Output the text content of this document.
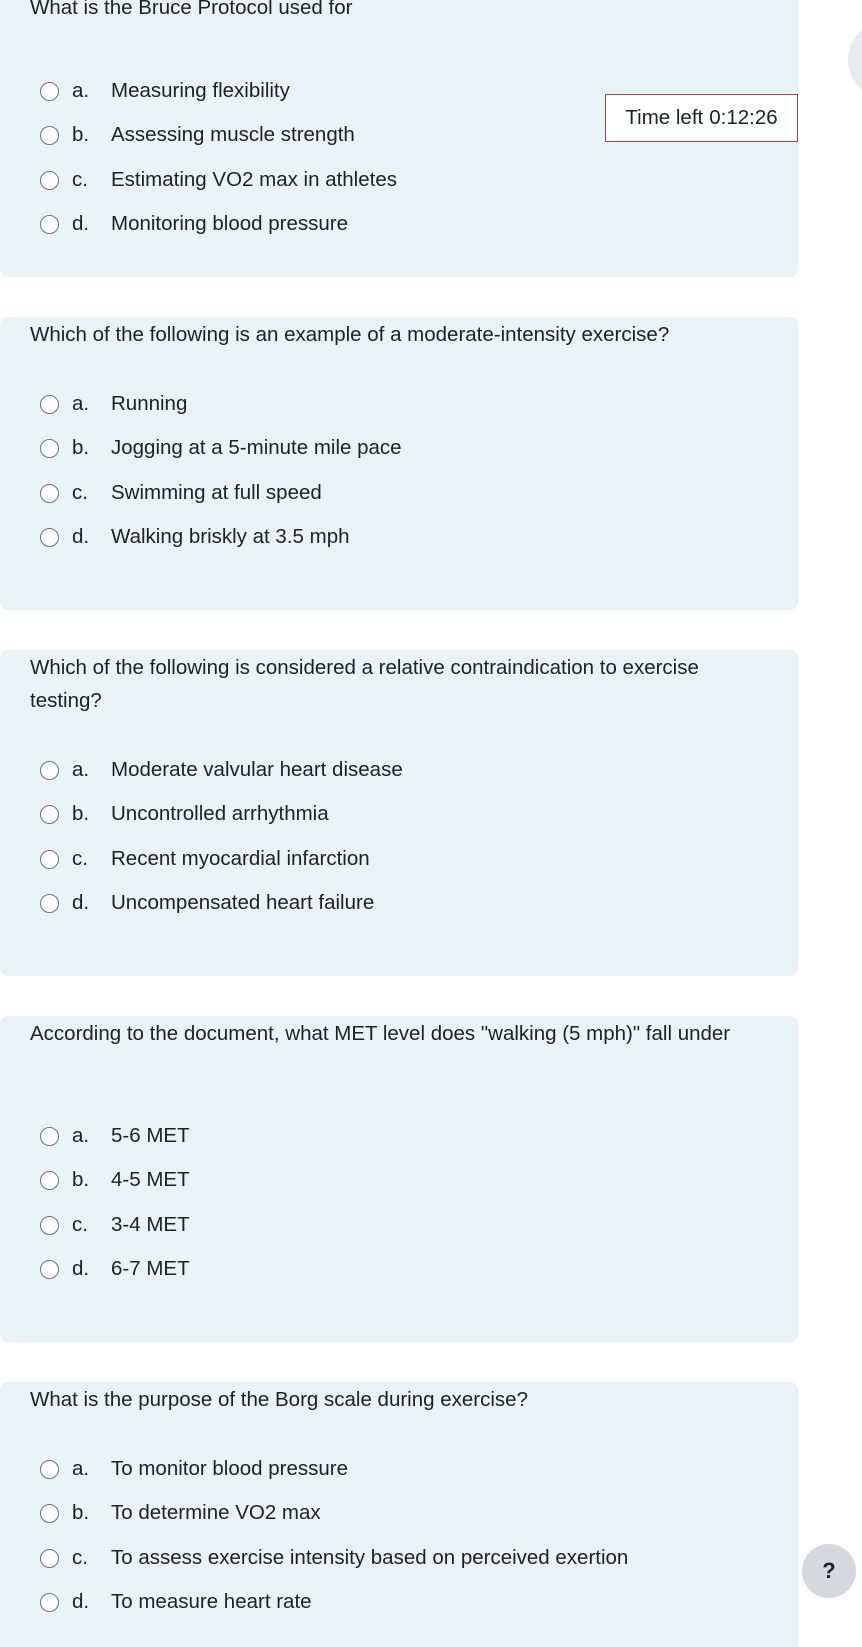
What is the Bruce Protocol used for
a.	Measuring flexibility
b.	Assessing muscle strength
c.	Estimating VO2 max in athletes
d.	Monitoring blood pressure
Which of the following is an example of a moderate-intensity exercise?
a.	Running
b.	Jogging at a 5-minute mile pace
c.	Swimming at full speed
d.	Walking briskly at 3.5 mph
Which of the following is considered a relative contraindication to exercise testing?
a.	Moderate valvular heart disease
b.	Uncontrolled arrhythmia
c.	Recent myocardial infarction
d.	Uncompensated heart failure
According to the document, what MET level does "walking (5 mph)" fall under
a.	5-6 MET
b.	4-5 MET
c.	3-4 MET
d.	6-7 MET
What is the purpose of the Borg scale during exercise?
a.	To monitor blood pressure
b.	To determine VO2 max
c.	To assess exercise intensity based on perceived exertion
d.	To measure heart rate
Time left 0:12:26
?
